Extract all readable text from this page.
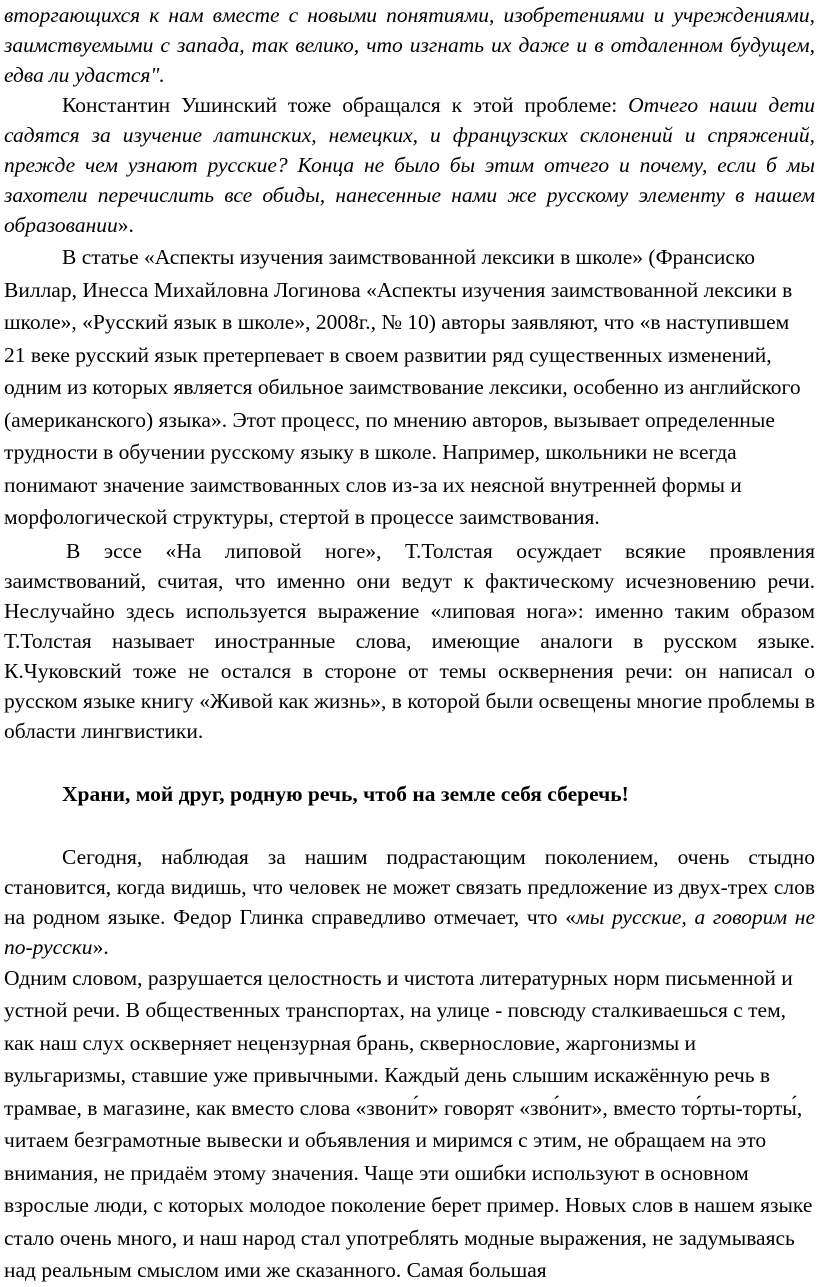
вторгающихся к нам вместе с новыми понятиями, изобретениями и учреждениями, заимствуемыми с запада, так велико, что изгнать их даже и в отдаленном будущем, едва ли удастся".

Константин Ушинский тоже обращался к этой проблеме: Отчего наши дети садятся за изучение латинских, немецких, и французских склонений и спряжений, прежде чем узнают русские? Конца не было бы этим отчего и почему, если б мы захотели перечислить все обиды, нанесенные нами же русскому элементу в нашем образовании».

В статье «Аспекты изучения заимствованной лексики в школе» (Франсиско Виллар, Инесса Михайловна Логинова «Аспекты изучения заимствованной лексики в школе», «Русский язык в школе», 2008г., № 10) авторы заявляют, что «в наступившем 21 веке русский язык претерпевает в своем развитии ряд существенных изменений, одним из которых является обильное заимствование лексики, особенно из английского (американского) языка». Этот процесс, по мнению авторов, вызывает определенные трудности в обучении русскому языку в школе. Например, школьники не всегда понимают значение заимствованных слов из-за их неясной внутренней формы и морфологической структуры, стертой в процессе заимствования.

В эссе «На липовой ноге», Т.Толстая осуждает всякие проявления заимствований, считая, что именно они ведут к фактическому исчезновению речи. Неслучайно здесь используется выражение «липовая нога»: именно таким образом Т.Толстая называет иностранные слова, имеющие аналоги в русском языке. К.Чуковский тоже не остался в стороне от темы осквернения речи: он написал о русском языке книгу «Живой как жизнь», в которой были освещены многие проблемы в области лингвистики.

Храни, мой друг, родную речь, чтоб на земле себя сберечь!

Сегодня, наблюдая за нашим подрастающим поколением, очень стыдно становится, когда видишь, что человек не может связать предложение из двух-трех слов на родном языке. Федор Глинка справедливо отмечает, что «мы русские, а говорим не по-русски».

Одним словом, разрушается целостность и чистота литературных норм письменной и устной речи. В общественных транспортах, на улице - повсюду сталкиваешься с тем, как наш слух оскверняет нецензурная брань, сквернословие, жаргонизмы и вульгаризмы, ставшие уже привычными. Каждый день слышим искажённую речь в трамвае, в магазине, как вместо слова «звони́т» говорят «зво́нит», вместо то́рты-торты́, читаем безграмотные вывески и объявления и миримся с этим, не обращаем на это внимания, не придаём этому значения. Чаще эти ошибки используют в основном взрослые люди, с которых молодое поколение берет пример. Новых слов в нашем языке стало очень много, и наш народ стал употреблять модные выражения, не задумываясь над реальным смыслом ими же сказанного. Самая большая
